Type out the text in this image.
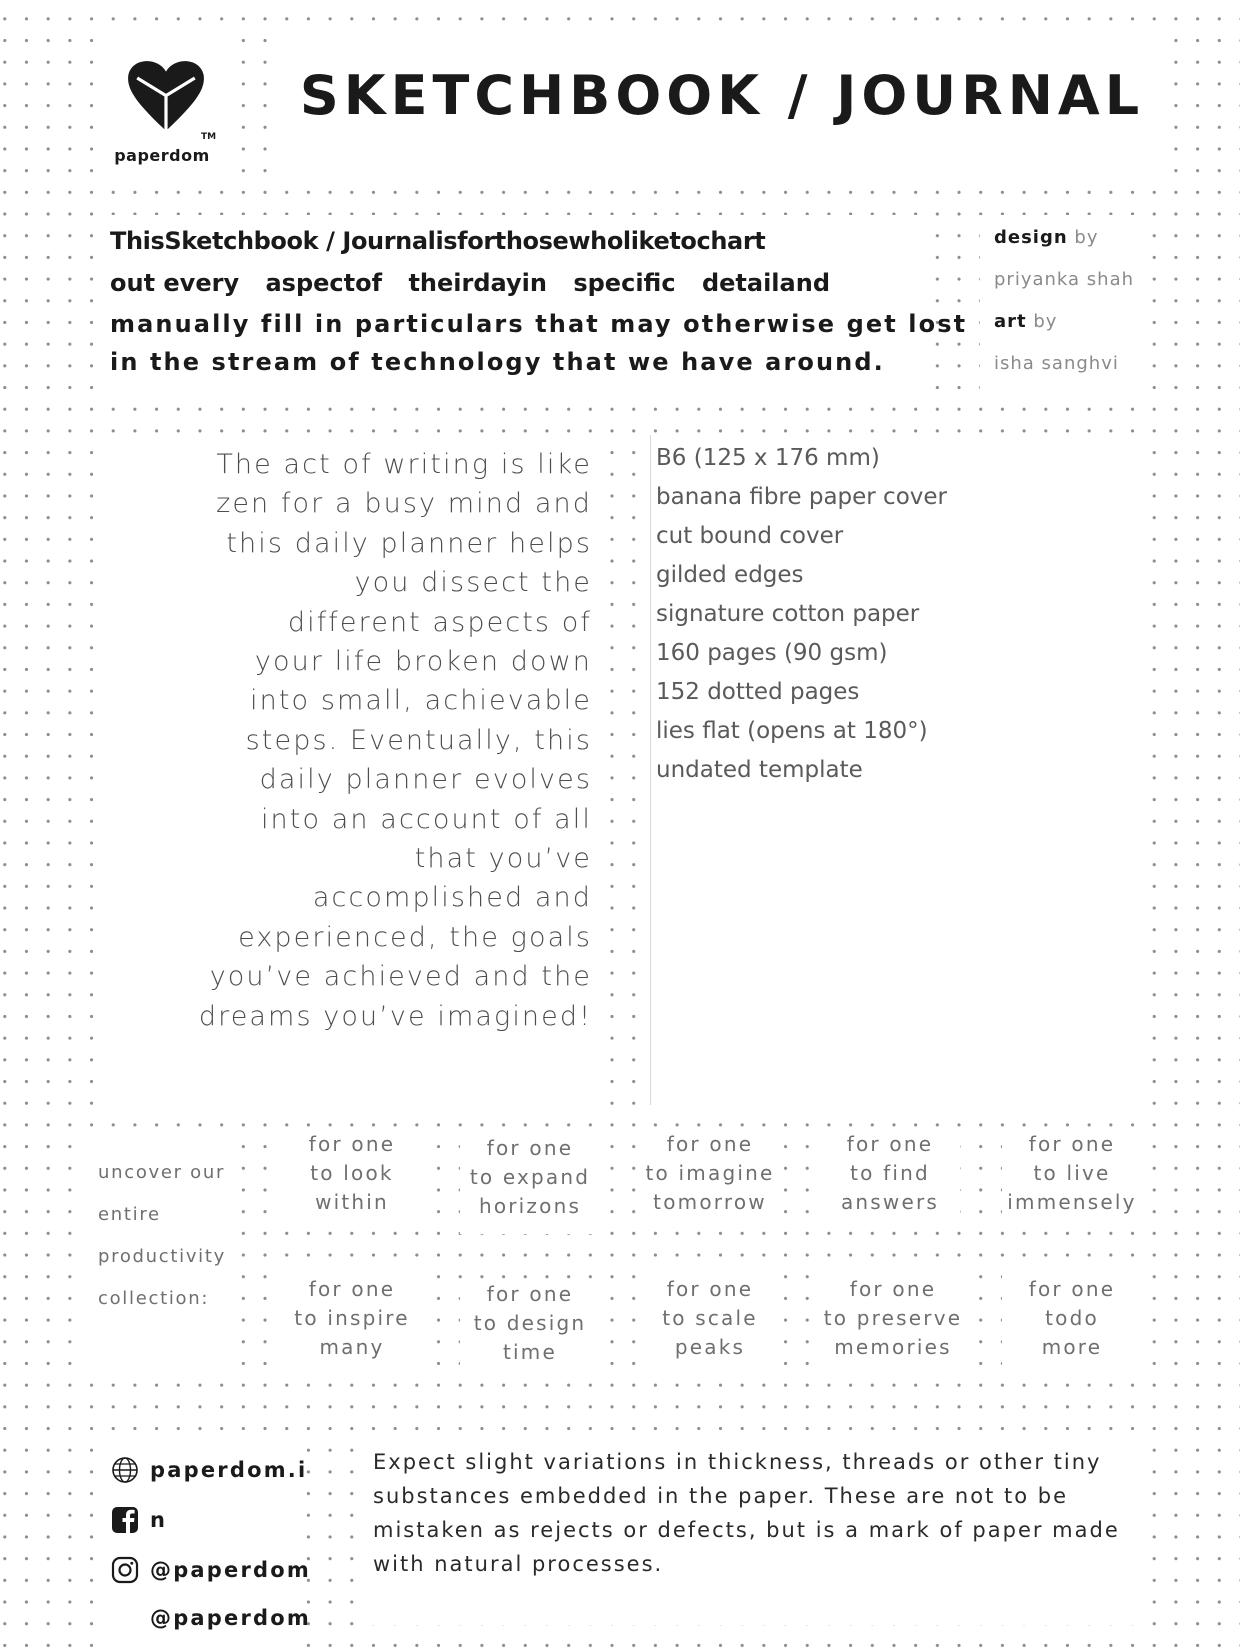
TM
paperdom
SKETCHBOOK / JOURNAL
ThisSketchbook / Journalisforthosewholiketochart
out every aspectof theirdayin specific detailand
manually fill in particulars that may otherwise get lost
in the stream of technology that we have around.
design by
priyanka shah
art by
isha sanghvi
The act of writing is like
zen for a busy mind and
this daily planner helps
you dissect the
different aspects of
your life broken down
into small, achievable
steps. Eventually, this
daily planner evolves
into an account of all
that you’ve
accomplished and
experienced, the goals
you’ve achieved and the
dreams you’ve imagined!
B6 (125 x 176 mm)
banana fibre paper cover
cut bound cover
gilded edges
signature cotton paper
160 pages (90 gsm)
152 dotted pages
lies flat (opens at 180°)
undated template
uncover our
entire
productivity
collection:
for one
to look
within
for one
to expand
horizons
for one
to imagine
tomorrow
for one
to find
answers
for one
to live
immensely
for one
to inspire
many
for one
to design
time
for one
to scale
peaks
for one
to preserve
memories
for one
todo
more
paperdom.i
n
@paperdom
@paperdom
Expect slight variations in thickness, threads or other tiny substances embedded in the paper. These are not to be mistaken as rejects or defects, but is a mark of paper made with natural processes.
